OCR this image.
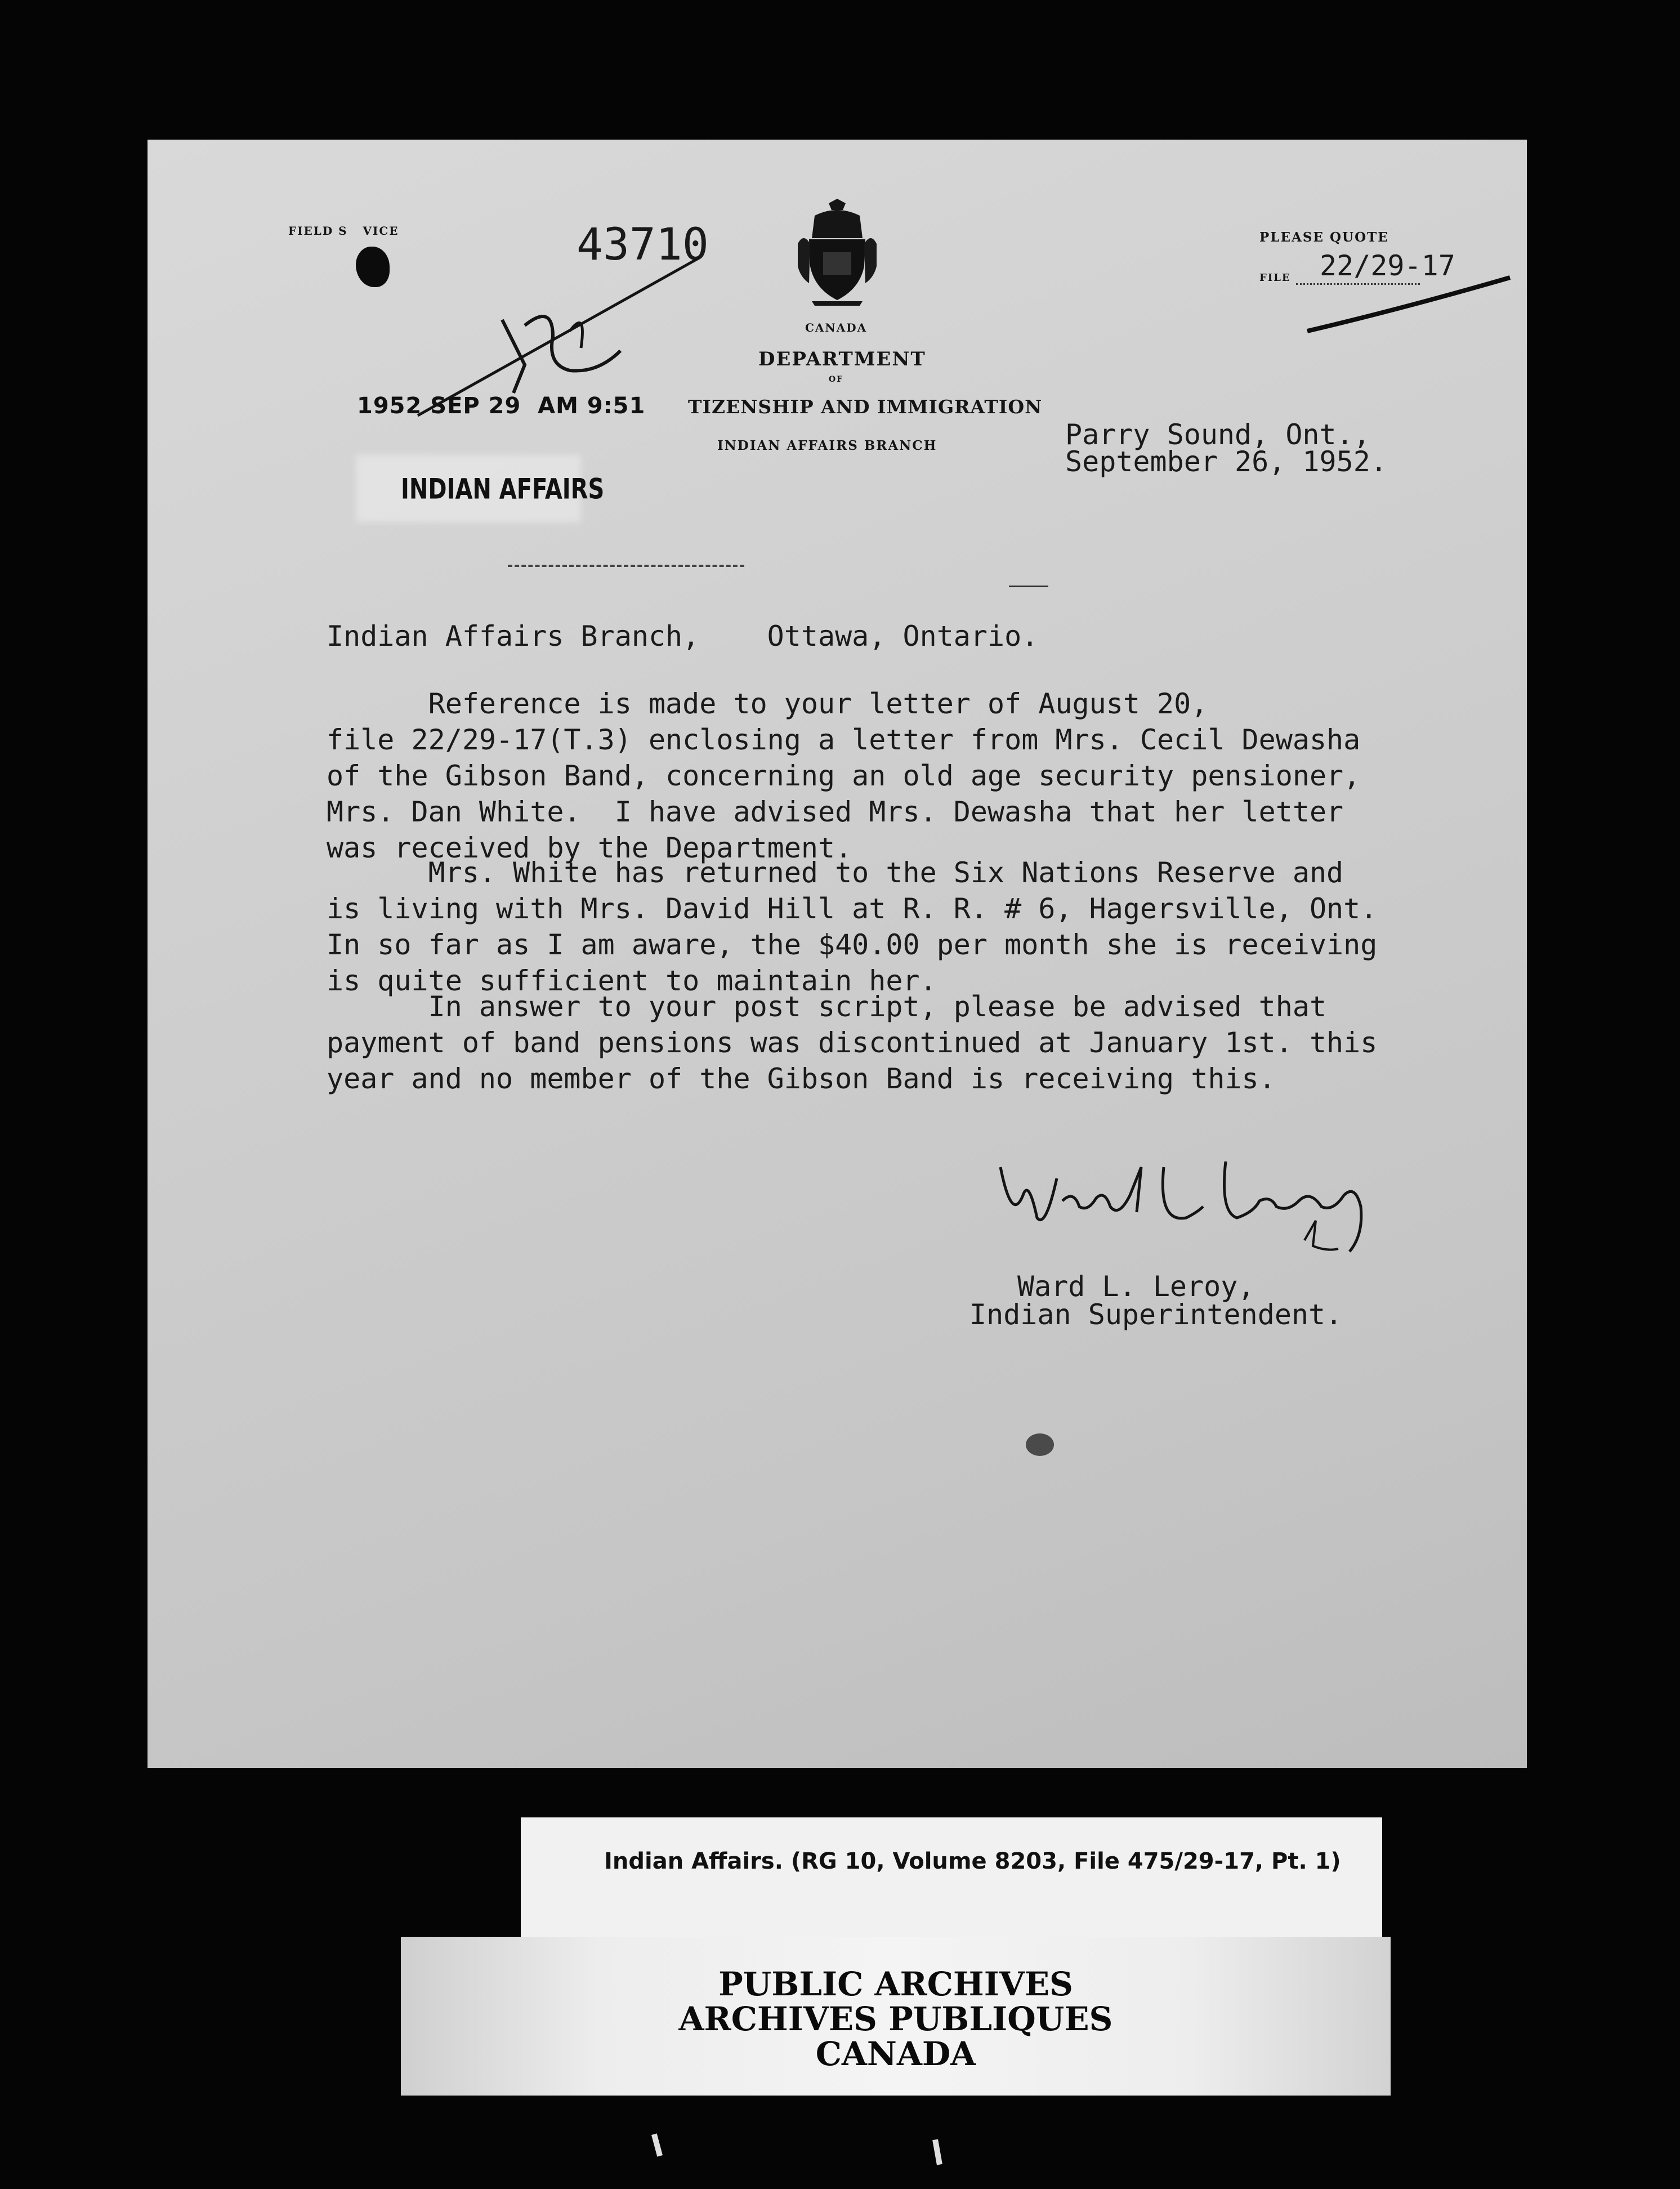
FIELD S   VICE	43710
CANADA
DEPARTMENT
OF
TIZENSHIP AND IMMIGRATION
INDIAN AFFAIRS BRANCH
PLEASE QUOTE
FILE 22/29-17
1952 SEP 29  AM 9:51
INDIAN AFFAIRS
Parry Sound, Ont.,
September 26, 1952.
Indian Affairs Branch,    Ottawa, Ontario.
Reference is made to your letter of August 20,
file 22/29-17(T.3) enclosing a letter from Mrs. Cecil Dewasha
of the Gibson Band, concerning an old age security pensioner,
Mrs. Dan White.  I have advised Mrs. Dewasha that her letter
was received by the Department.
Mrs. White has returned to the Six Nations Reserve and
is living with Mrs. David Hill at R. R. # 6, Hagersville, Ont.
In so far as I am aware, the $40.00 per month she is receiving
is quite sufficient to maintain her.
In answer to your post script, please be advised that
payment of band pensions was discontinued at January 1st. this
year and no member of the Gibson Band is receiving this.
Ward L. Leroy,
Indian Superintendent.
Indian Affairs. (RG 10, Volume 8203, File 475/29-17, Pt. 1)
PUBLIC ARCHIVES
ARCHIVES PUBLIQUES
CANADA
